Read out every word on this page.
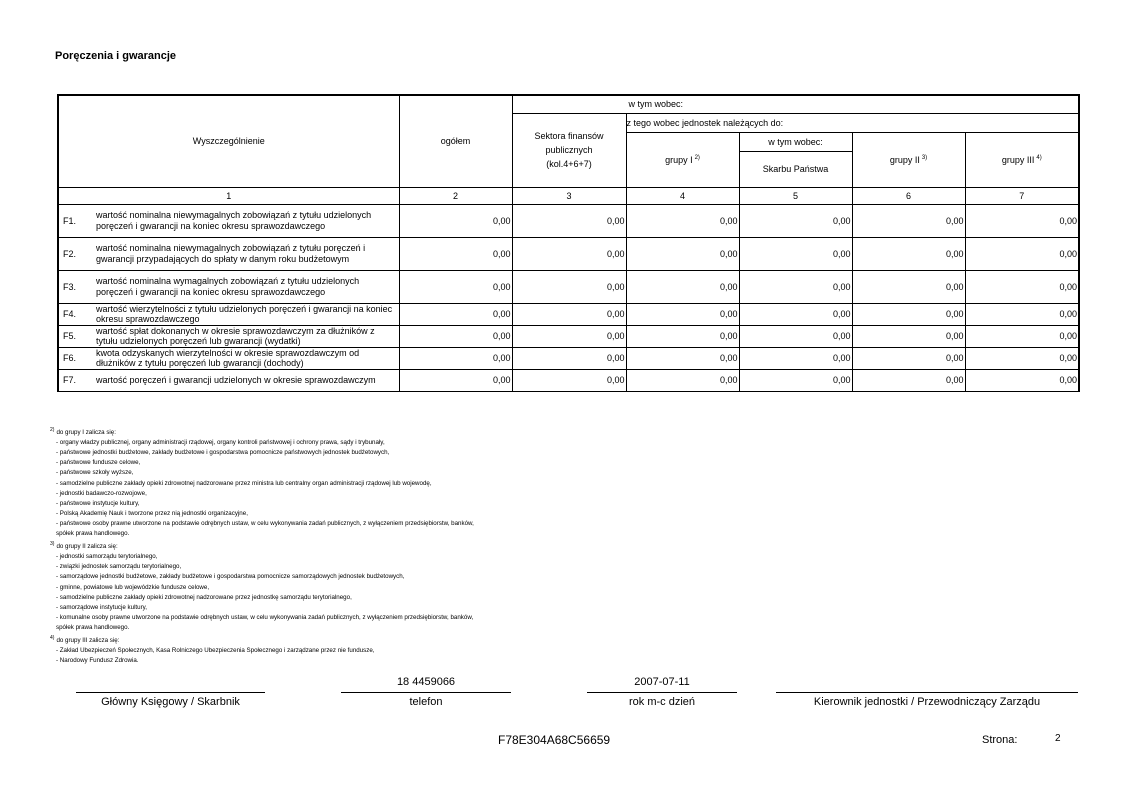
Poręczenia i gwarancje
Wyszczególnienie		ogółem	w tym wobec:				

			Sektora finansów
publicznych
(kol.4+6+7)	z tego wobec jednostek należących do:			
				grupy I $^{2)}$	w tym wobec:	grupy II $^{3)}$	grupy III $^{4)}$
					Skarbu Państwa		
1		2	3	4	5	6	7
F1.	wartość nominalna niewymagalnych zobowiązań z tytułu udzielonych poręczeń i gwarancji na koniec okresu sprawozdawczego	0,00	0,00	0,00	0,00	0,00	0,00
F2.	wartość nominalna niewymagalnych zobowiązań z tytułu poręczeń i gwarancji przypadających do spłaty w danym roku budżetowym	0,00	0,00	0,00	0,00	0,00	0,00
F3.	wartość nominalna wymagalnych zobowiązań z tytułu udzielonych poręczeń i gwarancji na koniec okresu sprawozdawczego	0,00	0,00	0,00	0,00	0,00	0,00
F4.	wartość wierzytelności z tytułu udzielonych poręczeń i gwarancji na koniec okresu sprawozdawczego	0,00	0,00	0,00	0,00	0,00	0,00
F5.	wartość spłat dokonanych w okresie sprawozdawczym za dłużników z tytułu udzielonych poręczeń lub gwarancji (wydatki)	0,00	0,00	0,00	0,00	0,00	0,00
F6.	kwota odzyskanych wierzytelności w okresie sprawozdawczym od dłużników z tytułu poręczeń lub gwarancji (dochody)	0,00	0,00	0,00	0,00	0,00	0,00
F7.	wartość poręczeń i gwarancji udzielonych w okresie sprawozdawczym	0,00	0,00	0,00	0,00	0,00	0,00
$^{2)}$ do grupy I zalicza się:
- organy władzy publicznej, organy administracji rządowej, organy kontroli państwowej i ochrony prawa, sądy i trybunały,
- państwowe jednostki budżetowe, zakłady budżetowe i gospodarstwa pomocnicze państwowych jednostek budżetowych,
- państwowe fundusze celowe,
- państwowe szkoły wyższe,
- samodzielne publiczne zakłady opieki zdrowotnej nadzorowane przez ministra lub centralny organ administracji rządowej lub wojewodę,
- jednostki badawczo-rozwojowe,
- państwowe instytucje kultury,
- Polską Akademię Nauk i tworzone przez nią jednostki organizacyjne,
- państwowe osoby prawne utworzone na podstawie odrębnych ustaw, w celu wykonywania zadań publicznych, z wyłączeniem przedsiębiorstw, banków,
spółek prawa handlowego.
$^{3)}$ do grupy II zalicza się:
- jednostki samorządu terytorialnego,
- związki jednostek samorządu terytorialnego,
- samorządowe jednostki budżetowe, zakłady budżetowe i gospodarstwa pomocnicze samorządowych jednostek budżetowych,
- gminne, powiatowe lub wojewódzkie fundusze celowe,
- samodzielne publiczne zakłady opieki zdrowotnej nadzorowane przez jednostkę samorządu terytorialnego,
- samorządowe instytucje kultury,
- komunalne osoby prawne utworzone na podstawie odrębnych ustaw, w celu wykonywania zadań publicznych, z wyłączeniem przedsiębiorstw, banków,
spółek prawa handlowego.
$^{4)}$ do grupy III zalicza się:
- Zakład Ubezpieczeń Społecznych, Kasa Rolniczego Ubezpieczenia Społecznego i zarządzane przez nie fundusze,
- Narodowy Fundusz Zdrowia.
18 4459066	2007-07-11
Główny Księgowy / Skarbnik	telefon	rok m-c dzień	Kierownik jednostki / Przewodniczący Zarządu
F78E304A68C56659	Strona:	2
